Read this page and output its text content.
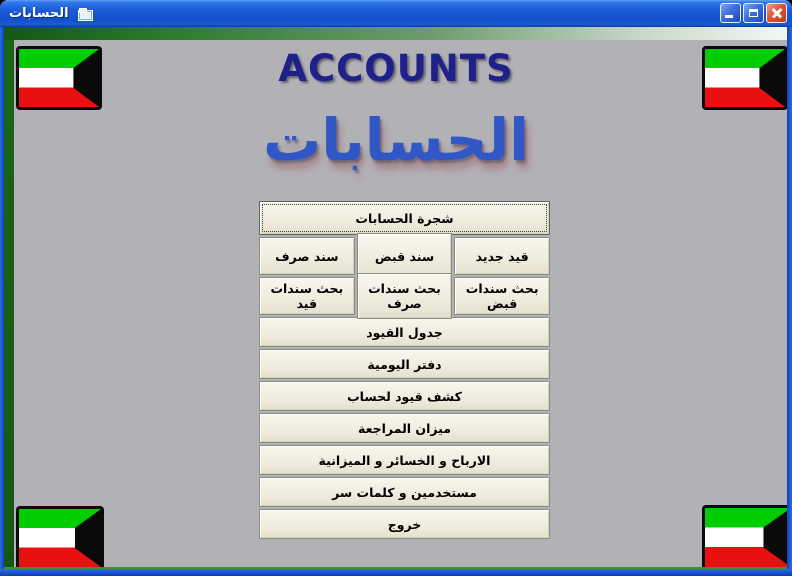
الحسابات
ACCOUNTS
الحسابات
شجرة الحسابات
قيد جديد
سند قبض
سند صرف
بحث سندات قبض
بحث سندات صرف
بحث سندات قيد
جدول القيود
دفتر اليومية
كشف قيود لحساب
ميزان المراجعة
الارباح و الخسائر و الميزانية
مستخدمين و كلمات سر
خروج
